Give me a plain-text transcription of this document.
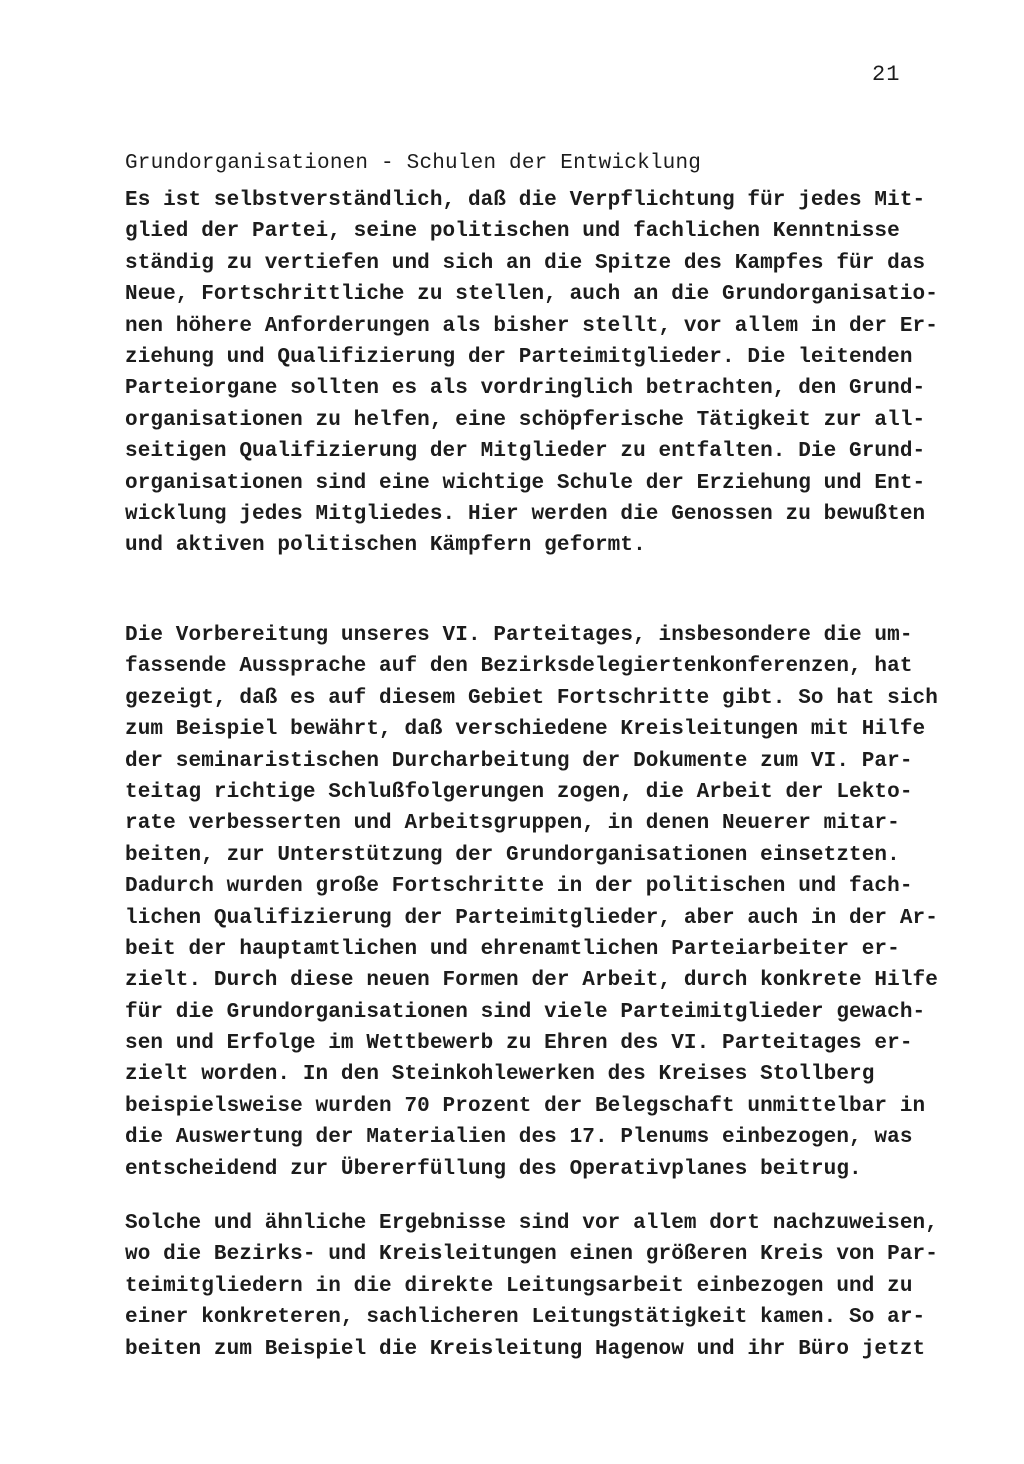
21
Grundorganisationen - Schulen der Entwicklung
Es ist selbstverständlich, daß die Verpflichtung für jedes Mit-
glied der Partei, seine politischen und fachlichen Kenntnisse
ständig zu vertiefen und sich an die Spitze des Kampfes für das
Neue, Fortschrittliche zu stellen, auch an die Grundorganisatio-
nen höhere Anforderungen als bisher stellt, vor allem in der Er-
ziehung und Qualifizierung der Parteimitglieder. Die leitenden
Parteiorgane sollten es als vordringlich betrachten, den Grund-
organisationen zu helfen, eine schöpferische Tätigkeit zur all-
seitigen Qualifizierung der Mitglieder zu entfalten. Die Grund-
organisationen sind eine wichtige Schule der Erziehung und Ent-
wicklung jedes Mitgliedes. Hier werden die Genossen zu bewußten
und aktiven politischen Kämpfern geformt.
Die Vorbereitung unseres VI. Parteitages, insbesondere die um-
fassende Aussprache auf den Bezirksdelegiertenkonferenzen, hat
gezeigt, daß es auf diesem Gebiet Fortschritte gibt. So hat sich
zum Beispiel bewährt, daß verschiedene Kreisleitungen mit Hilfe
der seminaristischen Durcharbeitung der Dokumente zum VI. Par-
teitag richtige Schlußfolgerungen zogen, die Arbeit der Lekto-
rate verbesserten und Arbeitsgruppen, in denen Neuerer mitar-
beiten, zur Unterstützung der Grundorganisationen einsetzten.
Dadurch wurden große Fortschritte in der politischen und fach-
lichen Qualifizierung der Parteimitglieder, aber auch in der Ar-
beit der hauptamtlichen und ehrenamtlichen Parteiarbeiter er-
zielt. Durch diese neuen Formen der Arbeit, durch konkrete Hilfe
für die Grundorganisationen sind viele Parteimitglieder gewach-
sen und Erfolge im Wettbewerb zu Ehren des VI. Parteitages er-
zielt worden. In den Steinkohlewerken des Kreises Stollberg
beispielsweise wurden 70 Prozent der Belegschaft unmittelbar in
die Auswertung der Materialien des 17. Plenums einbezogen, was
entscheidend zur Übererfüllung des Operativplanes beitrug.
Solche und ähnliche Ergebnisse sind vor allem dort nachzuweisen,
wo die Bezirks- und Kreisleitungen einen größeren Kreis von Par-
teimitgliedern in die direkte Leitungsarbeit einbezogen und zu
einer konkreteren, sachlicheren Leitungstätigkeit kamen. So ar-
beiten zum Beispiel die Kreisleitung Hagenow und ihr Büro jetzt
